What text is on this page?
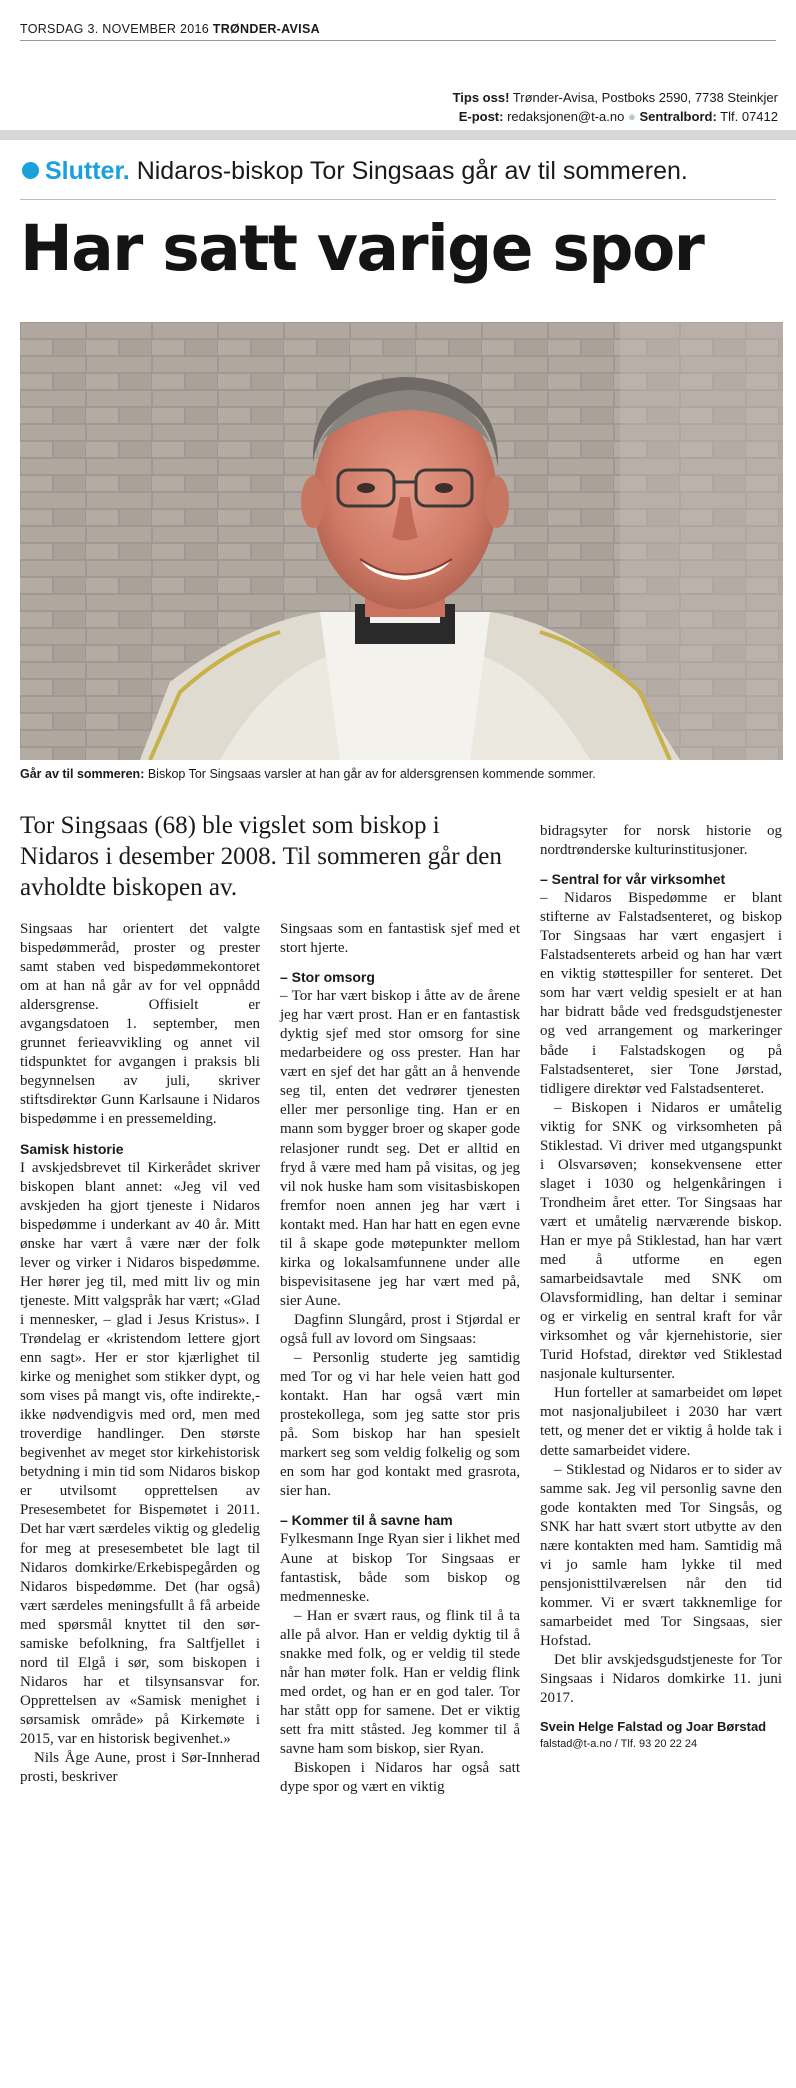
TORSDAG 3. NOVEMBER 2016 TRØNDER-AVISA
Tips oss! Trønder-Avisa, Postboks 2590, 7738 Steinkjer
E-post: redaksjonen@t-a.no ● Sentralbord: Tlf. 07412
Slutter. Nidaros-biskop Tor Singsaas går av til sommeren.
Har satt varige spor
Går av til sommeren: Biskop Tor Singsaas varsler at han går av for aldersgrensen kommende sommer.
Tor Singsaas (68) ble vigslet som biskop i Nidaros i desember 2008. Til sommeren går den avholdte biskopen av.

Singsaas har orientert det valgte bispedømmeråd, proster og prester samt staben ved bispedømmekontoret om at han nå går av for vel oppnådd aldersgrense. Offisielt er avgangsdatoen 1. september, men grunnet ferieavvikling og annet vil tidspunktet for avgangen i praksis bli begynnelsen av juli, skriver stiftsdirektør Gunn Karlsaune i Nidaros bispedømme i en pressemelding.

Samisk historie

I avskjedsbrevet til Kirkerådet skriver biskopen blant annet: «Jeg vil ved avskjeden ha gjort tjeneste i Nidaros bispedømme i underkant av 40 år. Mitt ønske har vært å være nær der folk lever og virker i Nidaros bispedømme. Her hører jeg til, med mitt liv og min tjeneste. Mitt valgspråk har vært; «Glad i mennesker, – glad i Jesus Kristus». I Trøndelag er «kristendom lettere gjort enn sagt». Her er stor kjærlighet til kirke og menighet som stikker dypt, og som vises på mangt vis, ofte indirekte,- ikke nødvendigvis med ord, men med troverdige handlinger. Den største begivenhet av meget stor kirkehistorisk betydning i min tid som Nidaros biskop er utvilsomt opprettelsen av Presesembetet for Bispemøtet i 2011. Det har vært særdeles viktig og gledelig for meg at presesembetet ble lagt til Nidaros domkirke/Erkebispegården og Nidaros bispedømme. Det (har også) vært særdeles meningsfullt å få arbeide med spørsmål knyttet til den sør-samiske befolkning, fra Saltfjellet i nord til Elgå i sør, som biskopen i Nidaros har et tilsynsansvar for. Opprettelsen av «Samisk menighet i sørsamisk område» på Kirkemøte i 2015, var en historisk begivenhet.»

Nils Åge Aune, prost i Sør-Innherad prosti, beskriver

Singsaas som en fantastisk sjef med et stort hjerte.

– Stor omsorg

– Tor har vært biskop i åtte av de årene jeg har vært prost. Han er en fantastisk dyktig sjef med stor omsorg for sine medarbeidere og oss prester. Han har vært en sjef det har gått an å henvende seg til, enten det vedrører tjenesten eller mer personlige ting. Han er en mann som bygger broer og skaper gode relasjoner rundt seg. Det er alltid en fryd å være med ham på visitas, og jeg vil nok huske ham som visitasbiskopen fremfor noen annen jeg har vært i kontakt med. Han har hatt en egen evne til å skape gode møtepunkter mellom kirka og lokalsamfunnene under alle bispevisitasene jeg har vært med på, sier Aune.

Dagfinn Slungård, prost i Stjørdal er også full av lovord om Singsaas:

– Personlig studerte jeg samtidig med Tor og vi har hele veien hatt god kontakt. Han har også vært min prostekollega, som jeg satte stor pris på. Som biskop har han spesielt markert seg som veldig folkelig og som en som har god kontakt med grasrota, sier han.

– Kommer til å savne ham

Fylkesmann Inge Ryan sier i likhet med Aune at biskop Tor Singsaas er fantastisk, både som biskop og medmenneske.

– Han er svært raus, og flink til å ta alle på alvor. Han er veldig dyktig til å snakke med folk, og er veldig til stede når han møter folk. Han er veldig flink med ordet, og han er en god taler. Tor har stått opp for samene. Det er viktig sett fra mitt ståsted. Jeg kommer til å savne ham som biskop, sier Ryan.

Biskopen i Nidaros har også satt dype spor og vært en viktig

bidragsyter for norsk historie og nordtrønderske kulturinstitusjoner.

– Sentral for vår virksomhet

– Nidaros Bispedømme er blant stifterne av Falstadsenteret, og biskop Tor Singsaas har vært engasjert i Falstadsenterets arbeid og han har vært en viktig støttespiller for senteret. Det som har vært veldig spesielt er at han har bidratt både ved fredsgudstjenester og ved arrangement og markeringer både i Falstadskogen og på Falstadsenteret, sier Tone Jørstad, tidligere direktør ved Falstadsenteret.

– Biskopen i Nidaros er umåtelig viktig for SNK og virksomheten på Stiklestad. Vi driver med utgangspunkt i Olsvarsøven; konsekvensene etter slaget i 1030 og helgenkåringen i Trondheim året etter. Tor Singsaas har vært et umåtelig nærværende biskop. Han er mye på Stiklestad, han har vært med å utforme en egen samarbeidsavtale med SNK om Olavsformidling, han deltar i seminar og er virkelig en sentral kraft for vår virksomhet og vår kjernehistorie, sier Turid Hofstad, direktør ved Stiklestad nasjonale kultursenter.

Hun forteller at samarbeidet om løpet mot nasjonaljubileet i 2030 har vært tett, og mener det er viktig å holde tak i dette samarbeidet videre.

– Stiklestad og Nidaros er to sider av samme sak. Jeg vil personlig savne den gode kontakten med Tor Singsås, og SNK har hatt svært stort utbytte av den nære kontakten med ham. Samtidig må vi jo samle ham lykke til med pensjonisttilværelsen når den tid kommer. Vi er svært takknemlige for samarbeidet med Tor Singsaas, sier Hofstad.

Det blir avskjedsgudstjeneste for Tor Singsaas i Nidaros domkirke 11. juni 2017.

Svein Helge Falstad og Joar Børstad
falstad@t-a.no / Tlf. 93 20 22 24
